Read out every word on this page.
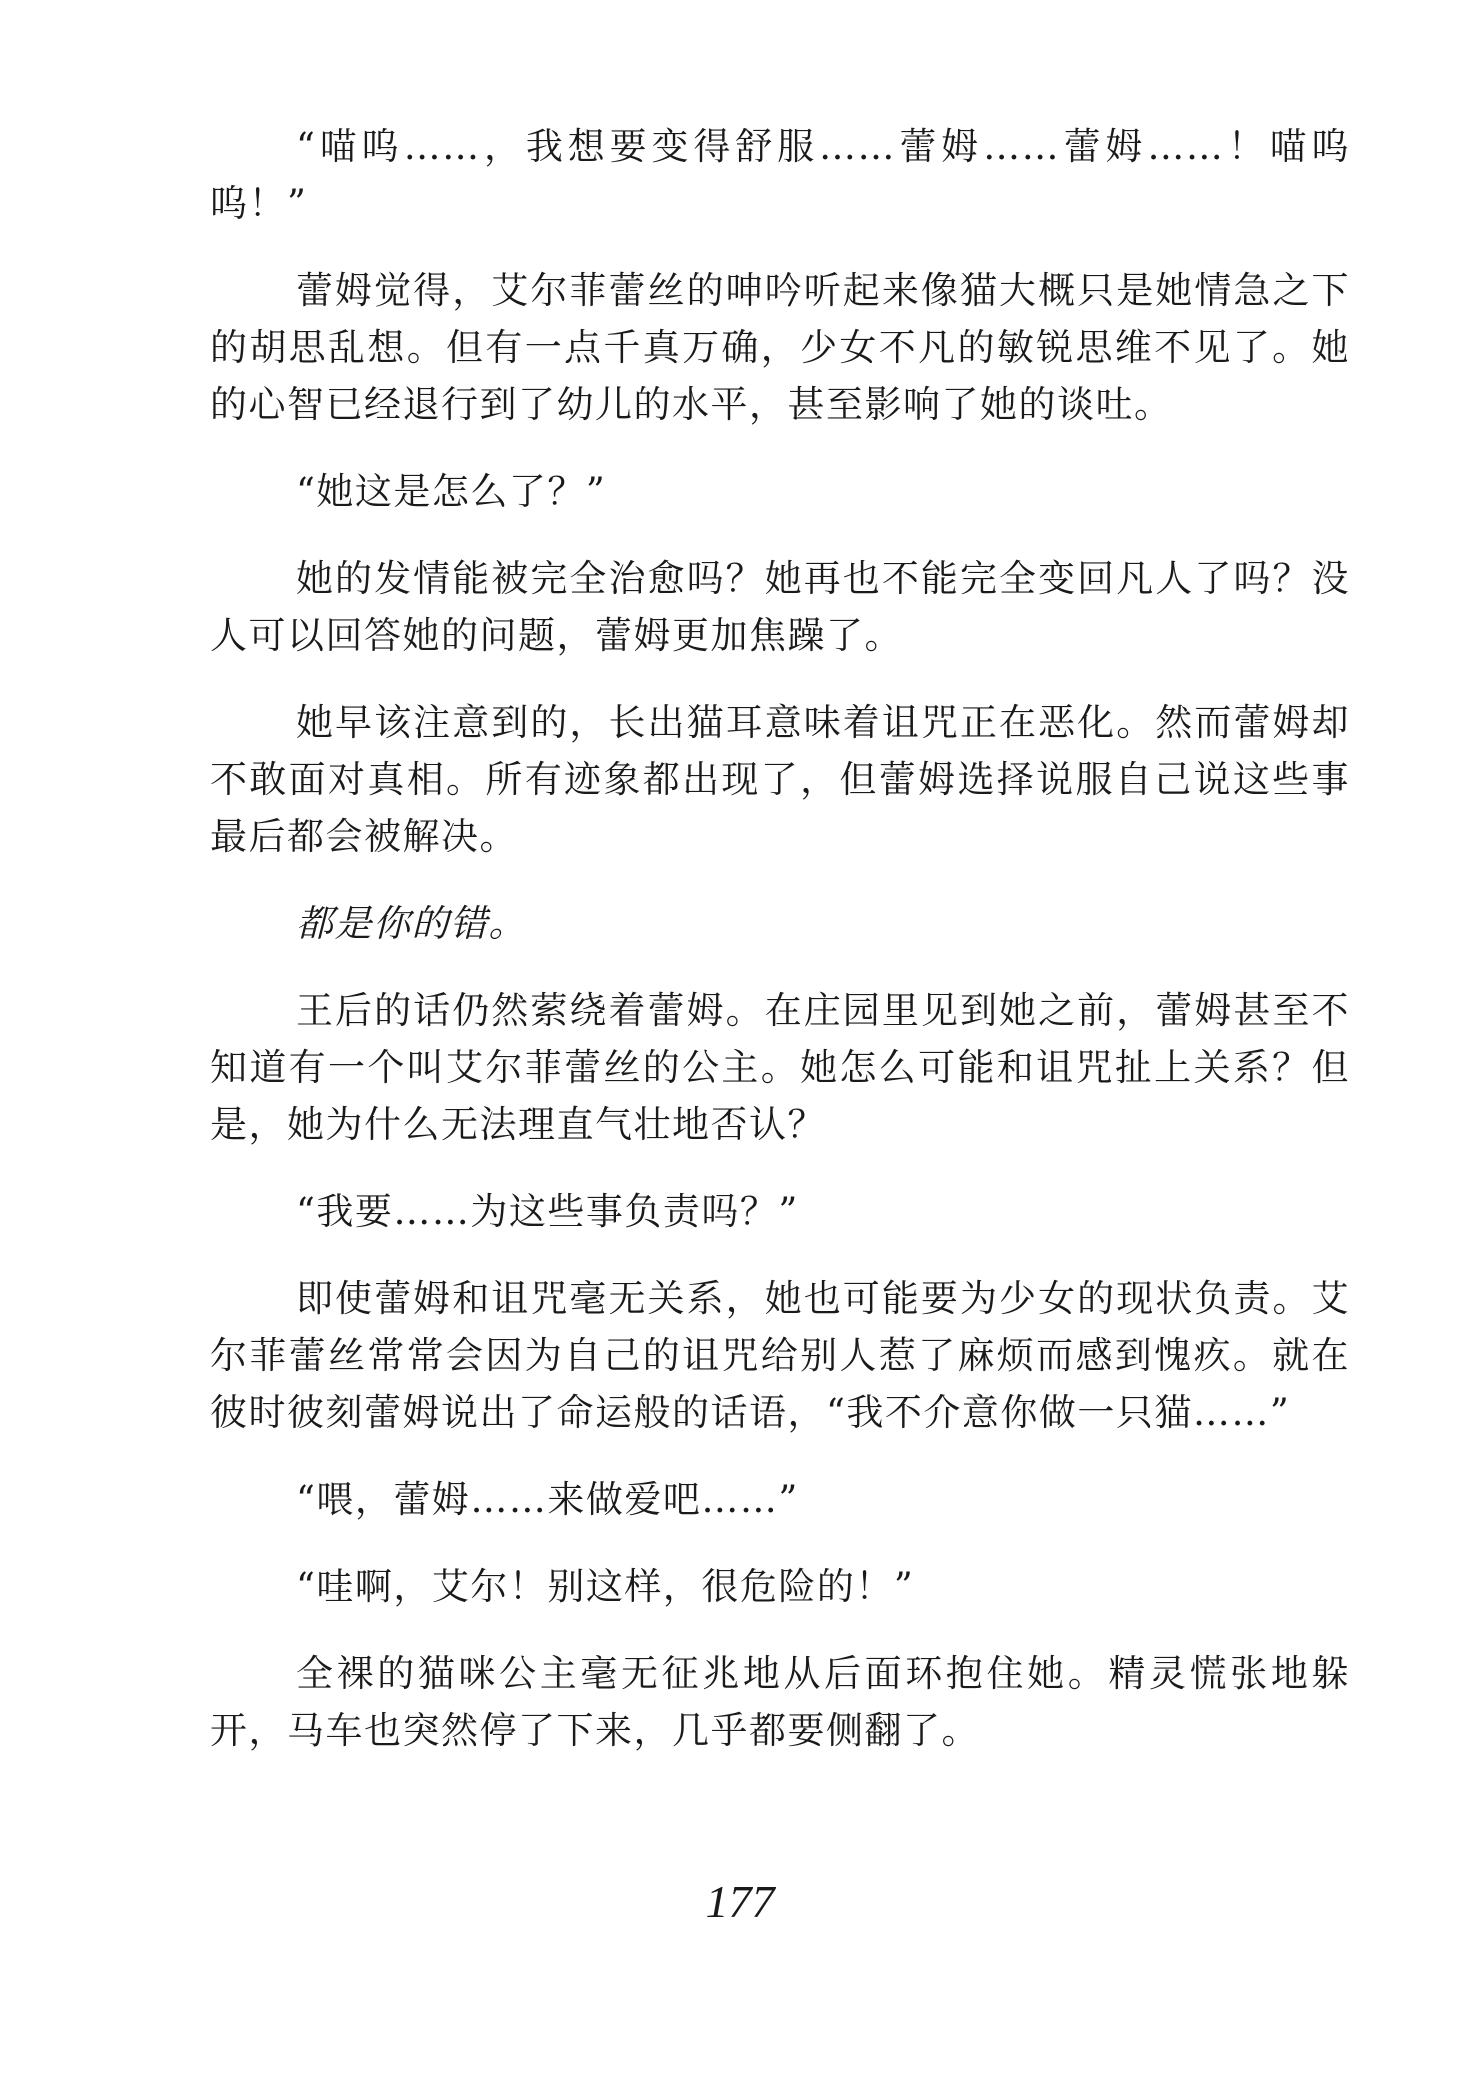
“喵呜……，我想要变得舒服……蕾姆……蕾姆……！喵呜呜！”

蕾姆觉得，艾尔菲蕾丝的呻吟听起来像猫大概只是她情急之下的胡思乱想。但有一点千真万确，少女不凡的敏锐思维不见了。她的心智已经退行到了幼儿的水平，甚至影响了她的谈吐。

“她这是怎么了？”

她的发情能被完全治愈吗？她再也不能完全变回凡人了吗？没人可以回答她的问题，蕾姆更加焦躁了。

她早该注意到的，长出猫耳意味着诅咒正在恶化。然而蕾姆却不敢面对真相。所有迹象都出现了，但蕾姆选择说服自己说这些事最后都会被解决。

都是你的错。

王后的话仍然萦绕着蕾姆。在庄园里见到她之前，蕾姆甚至不知道有一个叫艾尔菲蕾丝的公主。她怎么可能和诅咒扯上关系？但是，她为什么无法理直气壮地否认？

“我要……为这些事负责吗？”

即使蕾姆和诅咒毫无关系，她也可能要为少女的现状负责。艾尔菲蕾丝常常会因为自己的诅咒给别人惹了麻烦而感到愧疚。就在彼时彼刻蕾姆说出了命运般的话语，“我不介意你做一只猫……”

“喂，蕾姆……来做爱吧……”

“哇啊，艾尔！别这样，很危险的！”

全裸的猫咪公主毫无征兆地从后面环抱住她。精灵慌张地躲开，马车也突然停了下来，几乎都要侧翻了。

177
